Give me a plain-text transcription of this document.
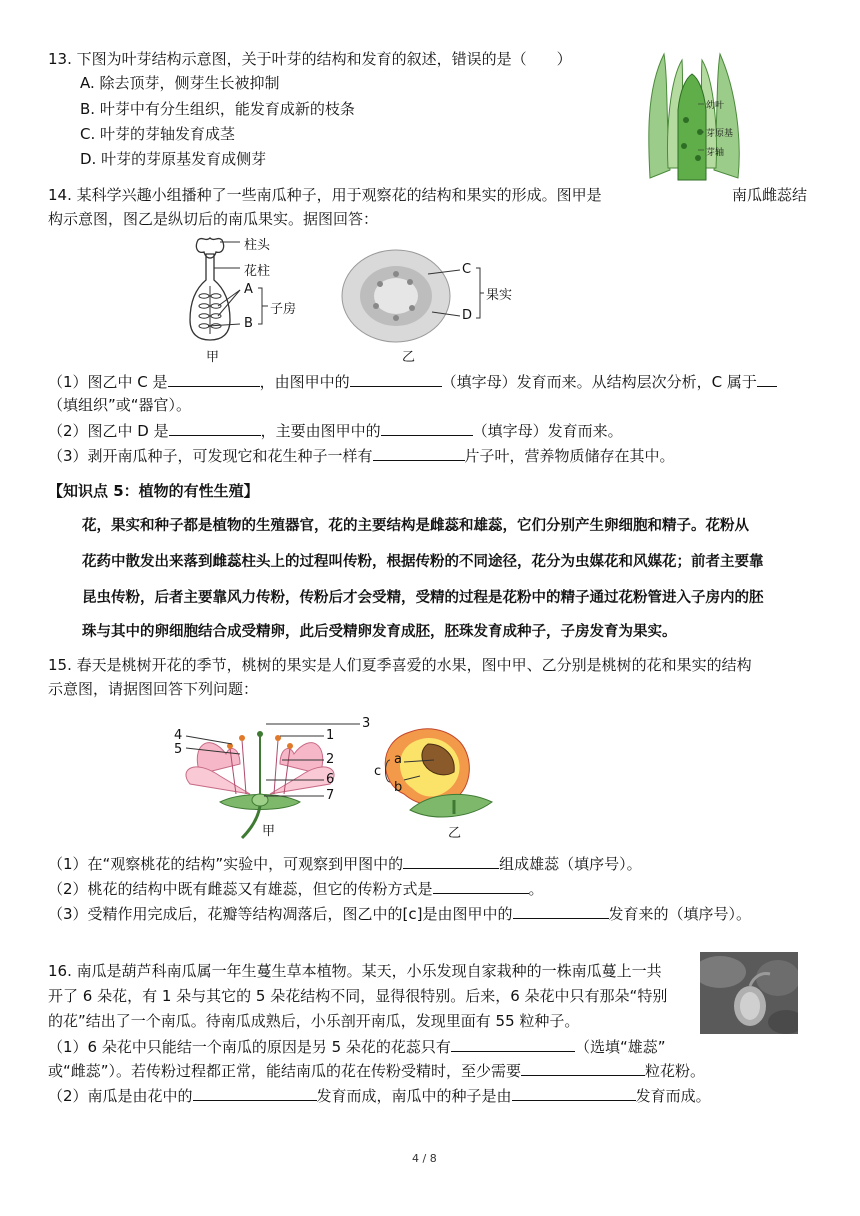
13. 下图为叶芽结构示意图，关于叶芽的结构和发育的叙述，错误的是（　　）
A. 除去顶芽，侧芽生长被抑制
B. 叶芽中有分生组织，能发育成新的枝条
C. 叶芽的芽轴发育成茎
D. 叶芽的芽原基发育成侧芽
幼叶
芽原基
芽轴
14. 某科学兴趣小组播种了一些南瓜种子，用于观察花的结构和果实的形成。图甲是	南瓜雌蕊结
构示意图，图乙是纵切后的南瓜果实。据图回答：
柱头
花柱
A
B
子房
甲
C
D
果实
乙
（1）图乙中 C 是	，由图甲中的	（填字母）发育而来。从结构层次分析，C 属于
（填组织”或“器官）。
（2）图乙中 D 是	，主要由图甲中的	（填字母）发育而来。
（3）剥开南瓜种子，可发现它和花生种子一样有	片子叶，营养物质储存在其中。
【知识点 5：植物的有性生殖】
花，果实和种子都是植物的生殖器官，花的主要结构是雌蕊和雄蕊，它们分别产生卵细胞和精子。花粉从
花药中散发出来落到雌蕊柱头上的过程叫传粉，根据传粉的不同途径，花分为虫媒花和风媒花；前者主要靠
昆虫传粉，后者主要靠风力传粉，传粉后才会受精，受精的过程是花粉中的精子通过花粉管进入子房内的胚
珠与其中的卵细胞结合成受精卵，此后受精卵发育成胚，胚珠发育成种子，子房发育为果实。
15. 春天是桃树开花的季节，桃树的果实是人们夏季喜爱的水果，图中甲、乙分别是桃树的花和果实的结构
示意图，请据图回答下列问题：
4
5
3
1
2
6
7
甲
a
b
c
乙
（1）在“观察桃花的结构”实验中，可观察到甲图中的	组成雄蕊（填序号）。
（2）桃花的结构中既有雌蕊又有雄蕊，但它的传粉方式是	。
（3）受精作用完成后，花瓣等结构凋落后，图乙中的[c]是由图甲中的	发育来的（填序号）。
16. 南瓜是葫芦科南瓜属一年生蔓生草本植物。某天，小乐发现自家栽种的一株南瓜蔓上一共
开了 6 朵花，有 1 朵与其它的 5 朵花结构不同，显得很特别。后来，6 朵花中只有那朵“特别
的花”结出了一个南瓜。待南瓜成熟后，小乐剖开南瓜，发现里面有 55 粒种子。
（1）6 朵花中只能结一个南瓜的原因是另 5 朵花的花蕊只有	（选填“雄蕊”
或“雌蕊”）。若传粉过程都正常，能结南瓜的花在传粉受精时，至少需要	粒花粉。
（2）南瓜是由花中的	发育而成，南瓜中的种子是由	发育而成。
4 / 8
